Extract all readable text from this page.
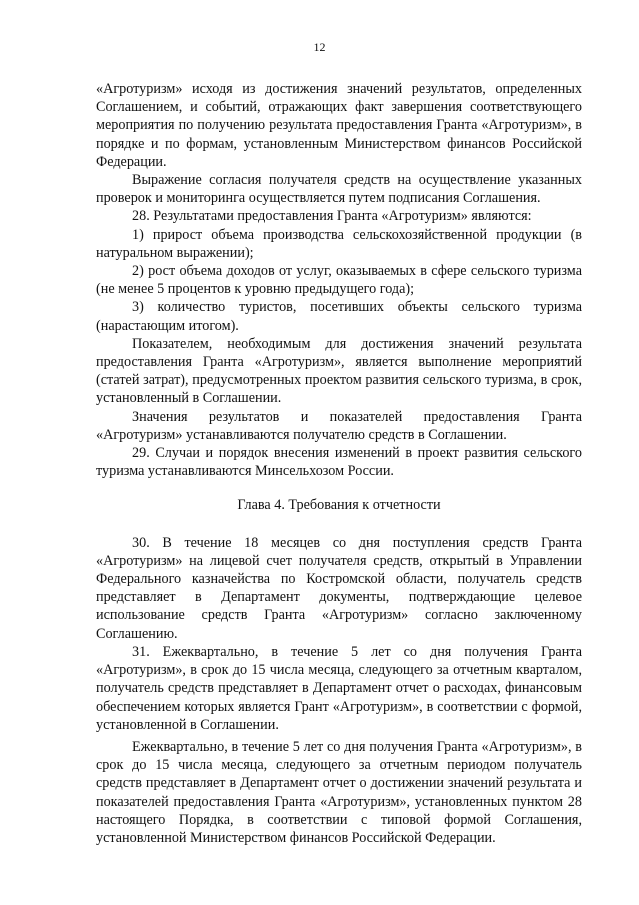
12

«Агротуризм» исходя из достижения значений результатов, определенных Соглашением, и событий, отражающих факт завершения соответствующего мероприятия по получению результата предоставления Гранта «Агротуризм», в порядке и по формам, установленным Министерством финансов Российской Федерации.

Выражение согласия получателя средств на осуществление указанных проверок и мониторинга осуществляется путем подписания Соглашения.

28. Результатами предоставления Гранта «Агротуризм» являются:

1) прирост объема производства сельскохозяйственной продукции (в натуральном выражении);

2) рост объема доходов от услуг, оказываемых в сфере сельского туризма (не менее 5 процентов к уровню предыдущего года);

3) количество туристов, посетивших объекты сельского туризма (нарастающим итогом).

Показателем, необходимым для достижения значений результата предоставления Гранта «Агротуризм», является выполнение мероприятий (статей затрат), предусмотренных проектом развития сельского туризма, в срок, установленный в Соглашении.

Значения результатов и показателей предоставления Гранта «Агротуризм» устанавливаются получателю средств в Соглашении.

29. Случаи и порядок внесения изменений в проект развития сельского туризма устанавливаются Минсельхозом России.

Глава 4. Требования к отчетности

30. В течение 18 месяцев со дня поступления средств Гранта «Агротуризм» на лицевой счет получателя средств, открытый в Управлении Федерального казначейства по Костромской области, получатель средств представляет в Департамент документы, подтверждающие целевое использование средств Гранта «Агротуризм» согласно заключенному Соглашению.

31. Ежеквартально, в течение 5 лет со дня получения Гранта «Агротуризм», в срок до 15 числа месяца, следующего за отчетным кварталом, получатель средств представляет в Департамент отчет о расходах, финансовым обеспечением которых является Грант «Агротуризм», в соответствии с формой, установленной в Соглашении.

Ежеквартально, в течение 5 лет со дня получения Гранта «Агротуризм», в срок до 15 числа месяца, следующего за отчетным периодом получатель средств представляет в Департамент отчет о достижении значений результата и показателей предоставления Гранта «Агротуризм», установленных пунктом 28 настоящего Порядка, в соответствии с типовой формой Соглашения, установленной Министерством финансов Российской Федерации.
